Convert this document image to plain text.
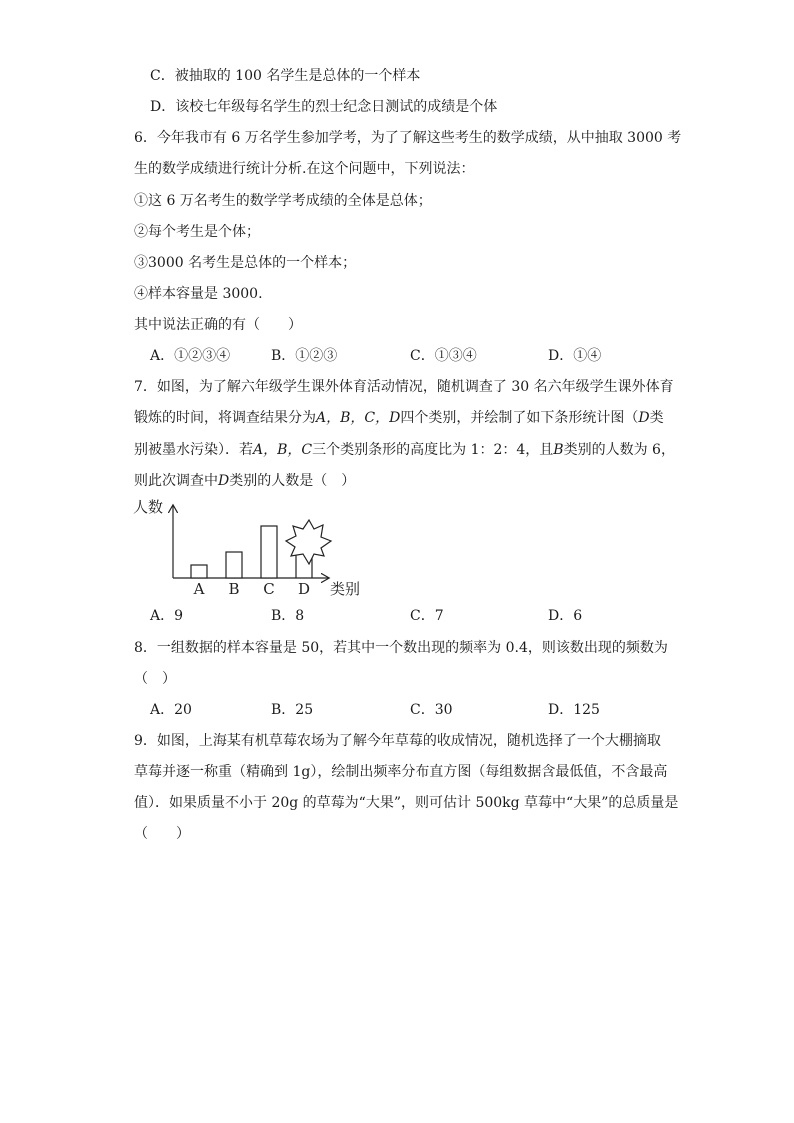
C．被抽取的 100 名学生是总体的一个样本
D．该校七年级每名学生的烈士纪念日测试的成绩是个体
6．今年我市有 6 万名学生参加学考，为了了解这些考生的数学成绩，从中抽取 3000 考
生的数学成绩进行统计分析.在这个问题中，下列说法：
①这 6 万名考生的数学学考成绩的全体是总体；
②每个考生是个体；
③3000 名考生是总体的一个样本；
④样本容量是 3000.
其中说法正确的有（　　）
A．①②③④	B．①②③	C．①③④	D．①④
7．如图，为了解六年级学生课外体育活动情况，随机调查了 30 名六年级学生课外体育
锻炼的时间，将调查结果分为A，B，C，D四个类别，并绘制了如下条形统计图（D类
别被墨水污染）．若A，B，C三个类别条形的高度比为 1：2：4，且B类别的人数为 6，
则此次调查中D类别的人数是（　）
人数
类别
A B C D
A．9	B．8	C．7	D．6
8．一组数据的样本容量是 50，若其中一个数出现的频率为 0.4，则该数出现的频数为
（　）
A．20	B．25	C．30	D．125
9．如图，上海某有机草莓农场为了解今年草莓的收成情况，随机选择了一个大棚摘取
草莓并逐一称重（精确到 1g），绘制出频率分布直方图（每组数据含最低值，不含最高
值）．如果质量不小于 20g 的草莓为“大果”，则可估计 500kg 草莓中“大果”的总质量是
（　　）
